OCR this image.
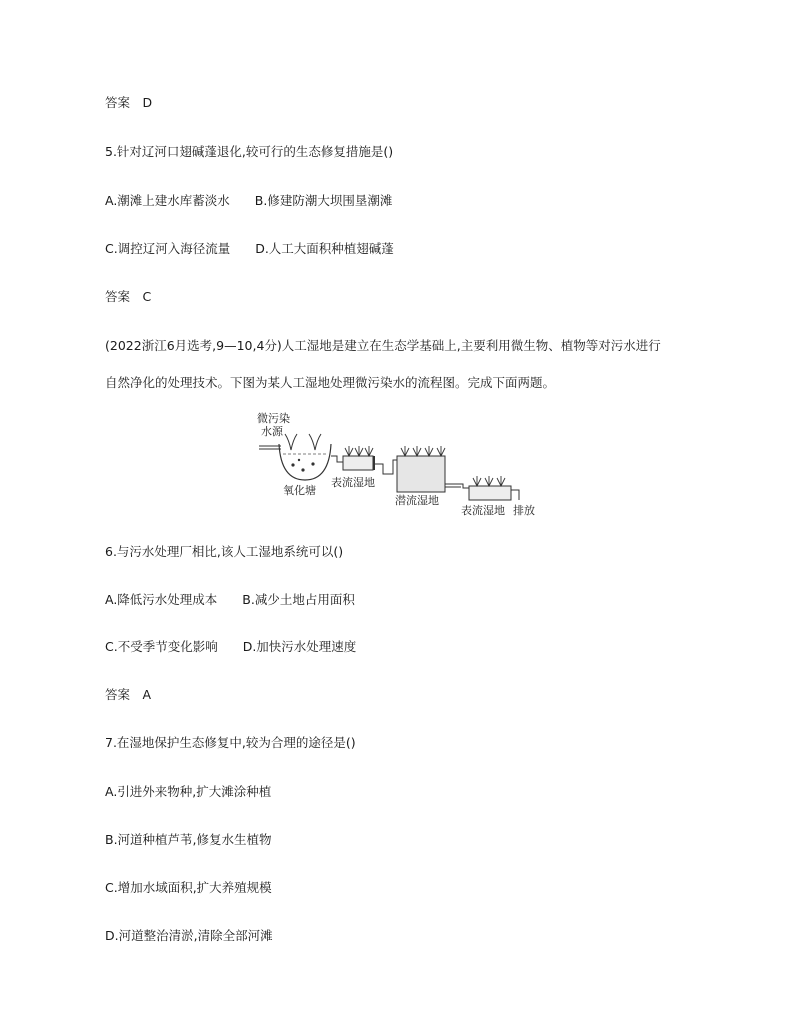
答案　D
5.针对辽河口翅碱蓬退化,较可行的生态修复措施是()
A.潮滩上建水库蓄淡水　　B.修建防潮大坝围垦潮滩
C.调控辽河入海径流量　　D.人工大面积种植翅碱蓬
答案　C
(2022浙江6月选考,9—10,4分)人工湿地是建立在生态学基础上,主要利用微生物、植物等对污水进行
自然净化的处理技术。下图为某人工湿地处理微污染水的流程图。完成下面两题。
微污染
水源
氧化塘
表流湿地
潜流湿地
表流湿地 排放
6.与污水处理厂相比,该人工湿地系统可以()
A.降低污水处理成本　　B.减少土地占用面积
C.不受季节变化影响　　D.加快污水处理速度
答案　A
7.在湿地保护生态修复中,较为合理的途径是()
A.引进外来物种,扩大滩涂种植
B.河道种植芦苇,修复水生植物
C.增加水域面积,扩大养殖规模
D.河道整治清淤,清除全部河滩
